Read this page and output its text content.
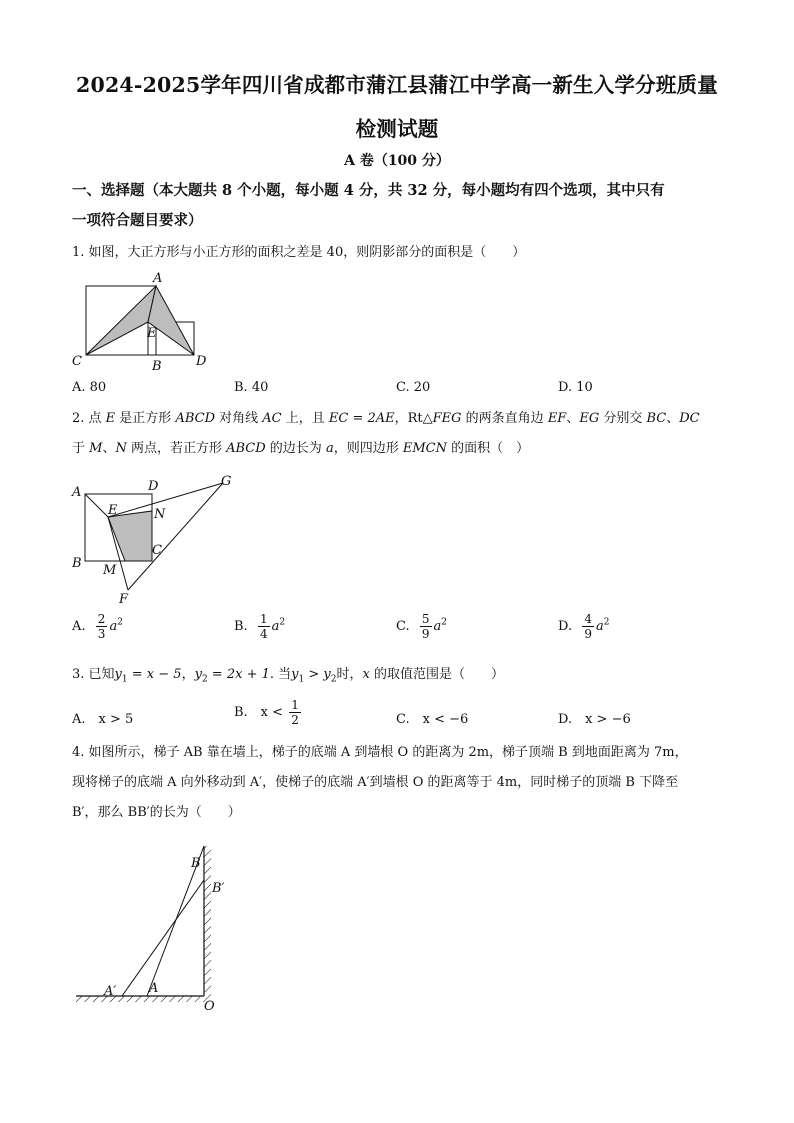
2024-2025学年四川省成都市蒲江县蒲江中学高一新生入学分班质量
检测试题
A 卷（100 分）
一、选择题（本大题共 8 个小题，每小题 4 分，共 32 分，每小题均有四个选项，其中只有
一项符合题目要求）
1. 如图，大正方形与小正方形的面积之差是 40，则阴影部分的面积是（　　）
A
E
C	B	D
A. 80	B. 40	C. 20	D. 10
2. 点 E 是正方形 ABCD 对角线 AC 上，且 EC = 2AE，Rt△FEG 的两条直角边 EF、EG 分别交 BC、DC
于 M、N 两点，若正方形 ABCD 的边长为 a，则四边形 EMCN 的面积（　）
A	D	G
E	N
C
B M
F
A. $\frac{2}{3} a^2$	B. $\frac{1}{4} a^2$	C. $\frac{5}{9} a^2$	D. $\frac{4}{9} a^2$
3. 已知$y_1 = x - 5$，$y_2 = 2x + 1$. 当$y_1 > y_2$时，x 的取值范围是（　　）
A.　x > 5	B.　$x < \frac{1}{2}$	C.　x < −6	D.　x > −6
4. 如图所示，梯子 AB 靠在墙上，梯子的底端 A 到墙根 O 的距离为 2m，梯子顶端 B 到地面距离为 7m，
现将梯子的底端 A 向外移动到 A′，使梯子的底端 A′到墙根 O 的距离等于 4m，同时梯子的顶端 B 下降至
B′，那么 BB′的长为（　　）
B
B′
A′	A
O
